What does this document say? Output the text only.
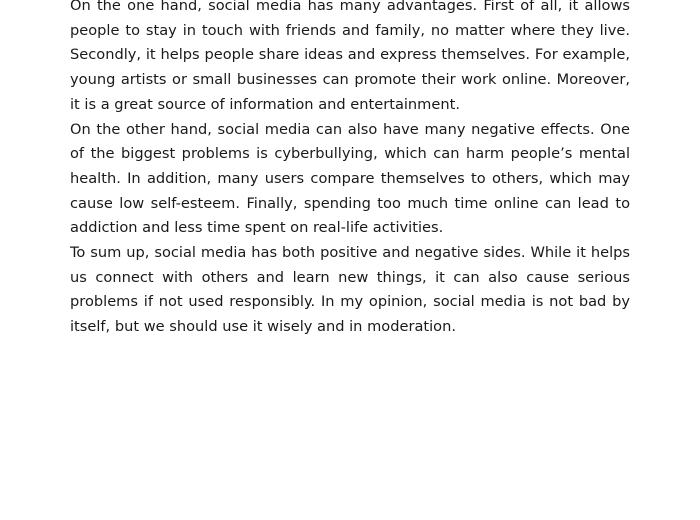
On the one hand, social media has many advantages. First of all, it allows people to stay in touch with friends and family, no matter where they live. Secondly, it helps people share ideas and express themselves. For example, young artists or small businesses can promote their work online. Moreover, it is a great source of information and entertainment.

On the other hand, social media can also have many negative effects. One of the biggest problems is cyberbullying, which can harm people’s mental health. In addition, many users compare themselves to others, which may cause low self-esteem. Finally, spending too much time online can lead to addiction and less time spent on real-life activities.

To sum up, social media has both positive and negative sides. While it helps us connect with others and learn new things, it can also cause serious problems if not used responsibly. In my opinion, social media is not bad by itself, but we should use it wisely and in moderation.
